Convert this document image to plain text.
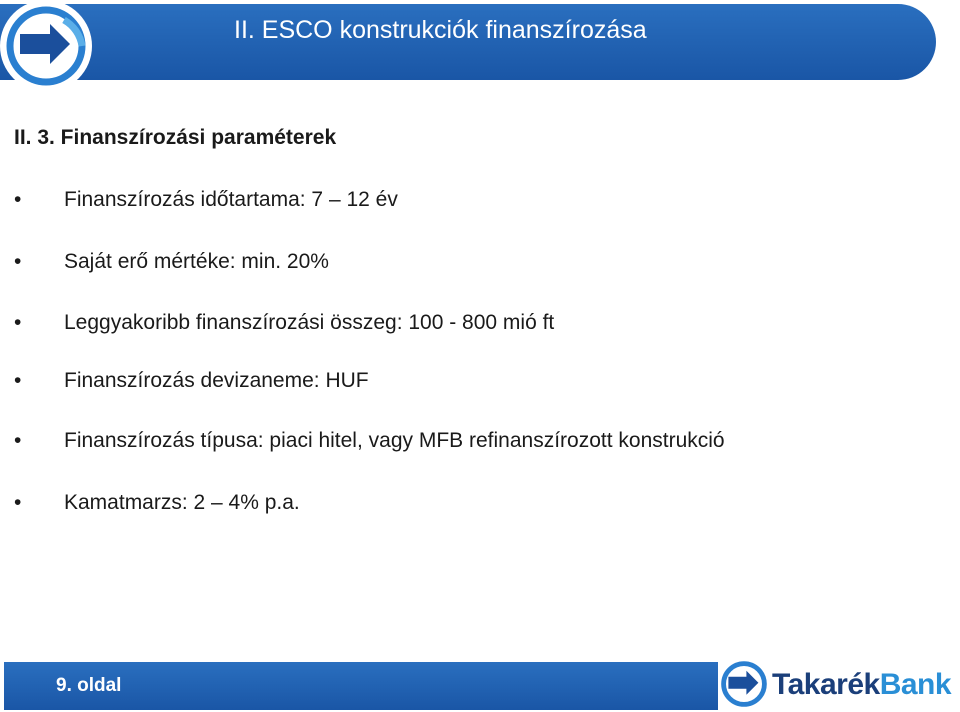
II. ESCO konstrukciók finanszírozása
II. 3. Finanszírozási paraméterek
• Finanszírozás időtartama: 7 – 12 év
• Saját erő mértéke: min. 20%
• Leggyakoribb finanszírozási összeg: 100 - 800 mió ft
• Finanszírozás devizaneme: HUF
• Finanszírozás típusa: piaci hitel, vagy MFB refinanszírozott konstrukció
• Kamatmarzs: 2 – 4% p.a.
9. oldal	TakarékBank
